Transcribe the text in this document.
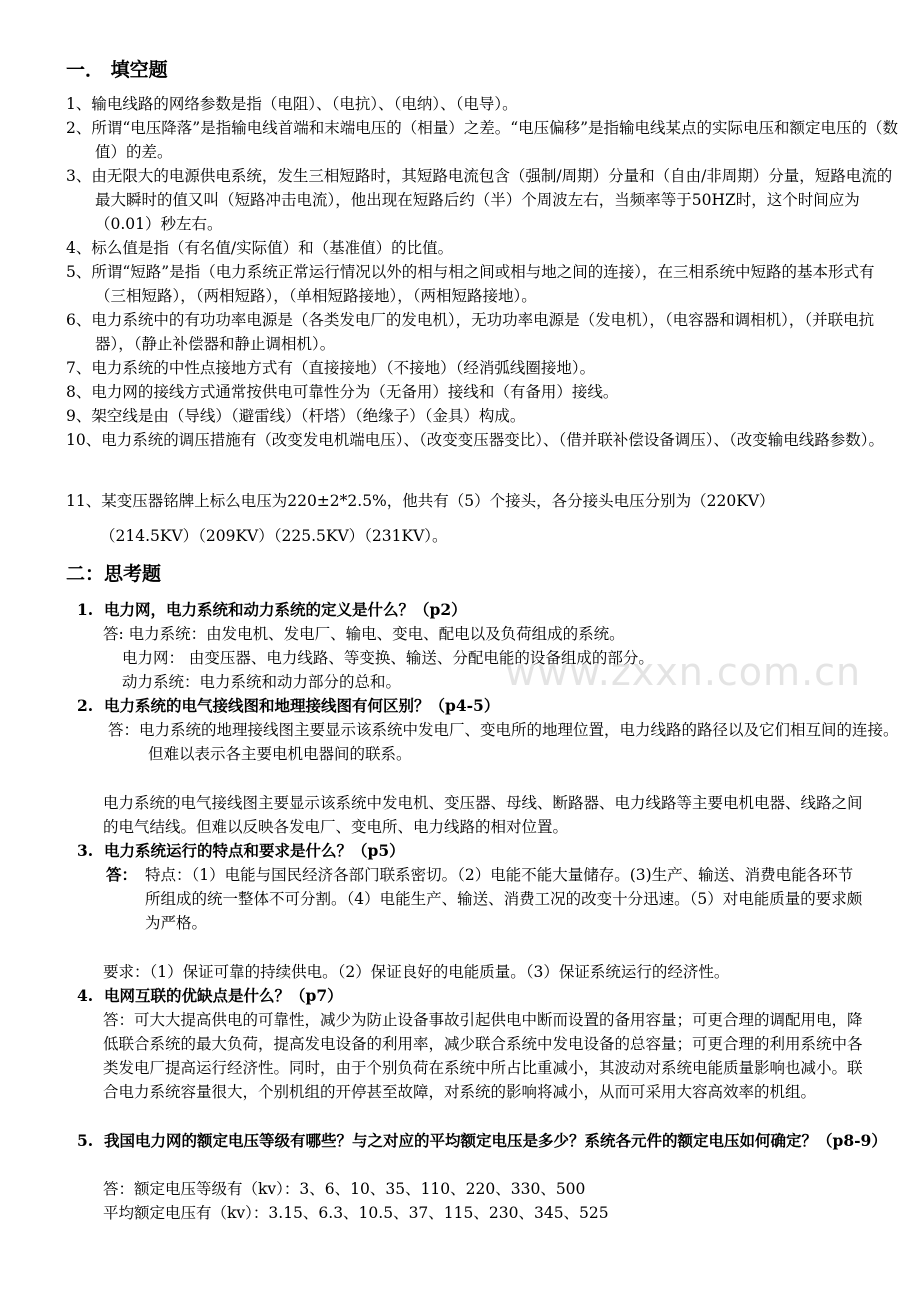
www.zxxn.com.cn
一． 填空题
1、输电线路的网络参数是指（电阻）、（电抗）、（电纳）、（电导）。
2、所谓“电压降落”是指输电线首端和末端电压的（相量）之差。“电压偏移”是指输电线某点的实际电压和额定电压的（数值）的差。
3、由无限大的电源供电系统，发生三相短路时，其短路电流包含（强制/周期）分量和（自由/非周期）分量，短路电流的最大瞬时的值又叫（短路冲击电流），他出现在短路后约（半）个周波左右，当频率等于50HZ时，这个时间应为（0.01）秒左右。
4、标么值是指（有名值/实际值）和（基准值）的比值。
5、所谓“短路”是指（电力系统正常运行情况以外的相与相之间或相与地之间的连接），在三相系统中短路的基本形式有（三相短路），（两相短路），（单相短路接地），（两相短路接地）。
6、电力系统中的有功功率电源是（各类发电厂的发电机），无功功率电源是（发电机），（电容器和调相机），（并联电抗器），（静止补偿器和静止调相机）。
7、电力系统的中性点接地方式有（直接接地）（不接地）（经消弧线圈接地）。
8、电力网的接线方式通常按供电可靠性分为（无备用）接线和（有备用）接线。
9、架空线是由（导线）（避雷线）（杆塔）（绝缘子）（金具）构成。
10、电力系统的调压措施有（改变发电机端电压）、（改变变压器变比）、（借并联补偿设备调压）、（改变输电线路参数）。
11、某变压器铭牌上标么电压为220±2*2.5%，他共有（5）个接头，各分接头电压分别为（220KV）
（214.5KV）（209KV）（225.5KV）（231KV）。
二：思考题
1. 电力网，电力系统和动力系统的定义是什么？（p2）
答: 电力系统：由发电机、发电厂、输电、变电、配电以及负荷组成的系统。
电力网： 由变压器、电力线路、等变换、输送、分配电能的设备组成的部分。
动力系统：电力系统和动力部分的总和。
2. 电力系统的电气接线图和地理接线图有何区别？（p4-5）
答：电力系统的地理接线图主要显示该系统中发电厂、变电所的地理位置，电力线路的路径以及它们相互间的连接。但难以表示各主要电机电器间的联系。
电力系统的电气接线图主要显示该系统中发电机、变压器、母线、断路器、电力线路等主要电机电器、线路之间的电气结线。但难以反映各发电厂、变电所、电力线路的相对位置。
3. 电力系统运行的特点和要求是什么？（p5）
答： 特点：（1）电能与国民经济各部门联系密切。（2）电能不能大量储存。(3)生产、输送、消费电能各环节所组成的统一整体不可分割。（4）电能生产、输送、消费工况的改变十分迅速。（5）对电能质量的要求颇为严格。
要求：（1）保证可靠的持续供电。（2）保证良好的电能质量。（3）保证系统运行的经济性。
4. 电网互联的优缺点是什么？（p7）
答：可大大提高供电的可靠性，减少为防止设备事故引起供电中断而设置的备用容量；可更合理的调配用电，降低联合系统的最大负荷，提高发电设备的利用率，减少联合系统中发电设备的总容量；可更合理的利用系统中各类发电厂提高运行经济性。同时，由于个别负荷在系统中所占比重减小，其波动对系统电能质量影响也减小。联合电力系统容量很大，个别机组的开停甚至故障，对系统的影响将减小，从而可采用大容高效率的机组。
5. 我国电力网的额定电压等级有哪些？与之对应的平均额定电压是多少？系统各元件的额定电压如何确定？（p8-9）
答：额定电压等级有（kv）：3、6、10、35、110、220、330、500
平均额定电压有（kv）：3.15、6.3、10.5、37、115、230、345、525
